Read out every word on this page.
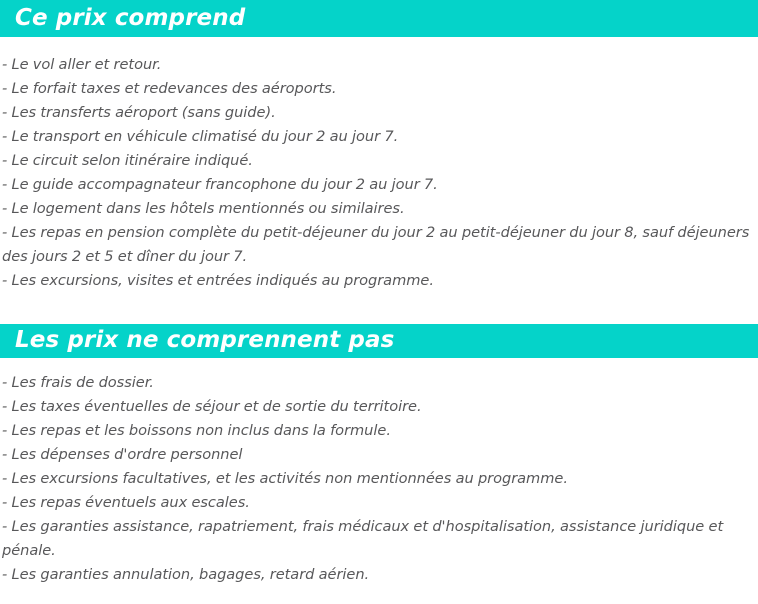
Ce prix comprend
- Le vol aller et retour.
- Le forfait taxes et redevances des aéroports.
- Les transferts aéroport (sans guide).
- Le transport en véhicule climatisé du jour 2 au jour 7.
- Le circuit selon itinéraire indiqué.
- Le guide accompagnateur francophone du jour 2 au jour 7.
- Le logement dans les hôtels mentionnés ou similaires.
- Les repas en pension complète du petit-déjeuner du jour 2 au petit-déjeuner du jour 8, sauf déjeuners des jours 2 et 5 et dîner du jour 7.
- Les excursions, visites et entrées indiqués au programme.
Les prix ne comprennent pas
- Les frais de dossier.
- Les taxes éventuelles de séjour et de sortie du territoire.
- Les repas et les boissons non inclus dans la formule.
- Les dépenses d'ordre personnel
- Les excursions facultatives, et les activités non mentionnées au programme.
- Les repas éventuels aux escales.
- Les garanties assistance, rapatriement, frais médicaux et d'hospitalisation, assistance juridique et pénale.
- Les garanties annulation, bagages, retard aérien.
